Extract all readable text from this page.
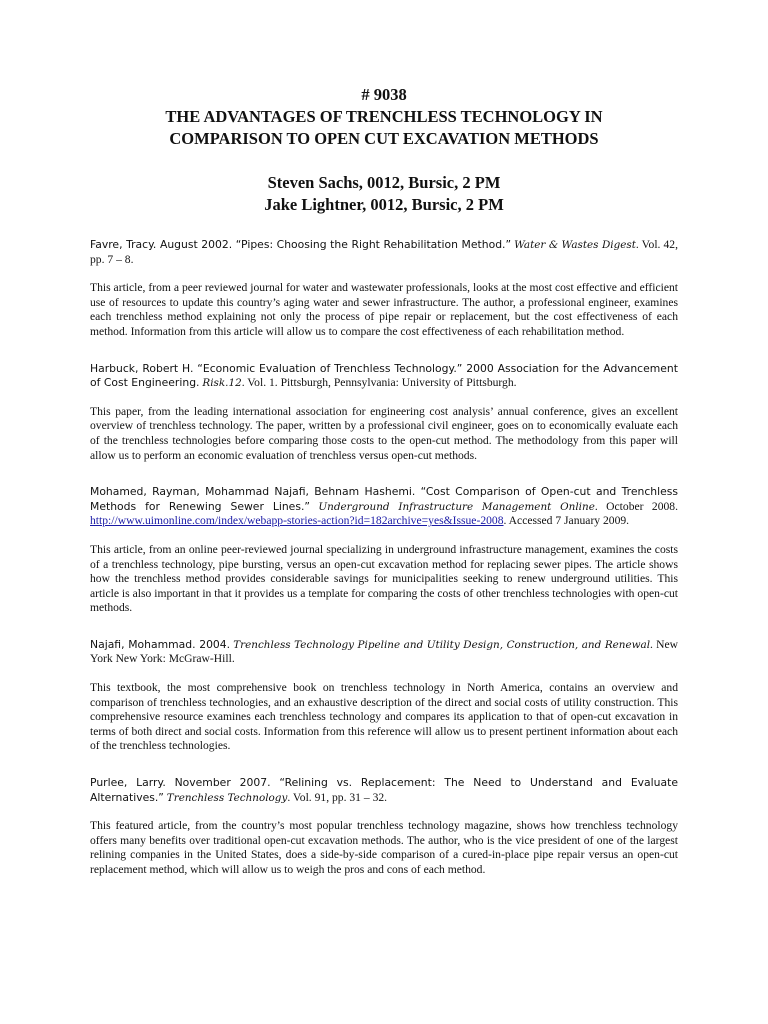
# 9038
THE ADVANTAGES OF TRENCHLESS TECHNOLOGY IN
COMPARISON TO OPEN CUT EXCAVATION METHODS
Steven Sachs, 0012, Bursic, 2 PM
Jake Lightner, 0012, Bursic, 2 PM
Favre, Tracy. August 2002. “Pipes: Choosing the Right Rehabilitation Method.” Water & Wastes Digest. Vol. 42, pp. 7 – 8.
This article, from a peer reviewed journal for water and wastewater professionals, looks at the most cost effective and efficient use of resources to update this country’s aging water and sewer infrastructure. The author, a professional engineer, examines each trenchless method explaining not only the process of pipe repair or replacement, but the cost effectiveness of each method. Information from this article will allow us to compare the cost effectiveness of each rehabilitation method.
Harbuck, Robert H. “Economic Evaluation of Trenchless Technology.” 2000 Association for the Advancement of Cost Engineering. Risk.12. Vol. 1. Pittsburgh, Pennsylvania: University of Pittsburgh.
This paper, from the leading international association for engineering cost analysis’ annual conference, gives an excellent overview of trenchless technology. The paper, written by a professional civil engineer, goes on to economically evaluate each of the trenchless technologies before comparing those costs to the open-cut method. The methodology from this paper will allow us to perform an economic evaluation of trenchless versus open-cut methods.
Mohamed, Rayman, Mohammad Najafi, Behnam Hashemi. “Cost Comparison of Open-cut and Trenchless Methods for Renewing Sewer Lines.” Underground Infrastructure Management Online. October 2008. http://www.uimonline.com/index/webapp-stories-action?id=182archive=yes&Issue-2008. Accessed 7 January 2009.
This article, from an online peer-reviewed journal specializing in underground infrastructure management, examines the costs of a trenchless technology, pipe bursting, versus an open-cut excavation method for replacing sewer pipes. The article shows how the trenchless method provides considerable savings for municipalities seeking to renew underground utilities. This article is also important in that it provides us a template for comparing the costs of other trenchless technologies with open-cut methods.
Najafi, Mohammad. 2004. Trenchless Technology Pipeline and Utility Design, Construction, and Renewal. New York New York: McGraw-Hill.
This textbook, the most comprehensive book on trenchless technology in North America, contains an overview and comparison of trenchless technologies, and an exhaustive description of the direct and social costs of utility construction. This comprehensive resource examines each trenchless technology and compares its application to that of open-cut excavation in terms of both direct and social costs. Information from this reference will allow us to present pertinent information about each of the trenchless technologies.
Purlee, Larry. November 2007. “Relining vs. Replacement: The Need to Understand and Evaluate Alternatives.” Trenchless Technology. Vol. 91, pp. 31 – 32.
This featured article, from the country’s most popular trenchless technology magazine, shows how trenchless technology offers many benefits over traditional open-cut excavation methods. The author, who is the vice president of one of the largest relining companies in the United States, does a side-by-side comparison of a cured-in-place pipe repair versus an open-cut replacement method, which will allow us to weigh the pros and cons of each method.
